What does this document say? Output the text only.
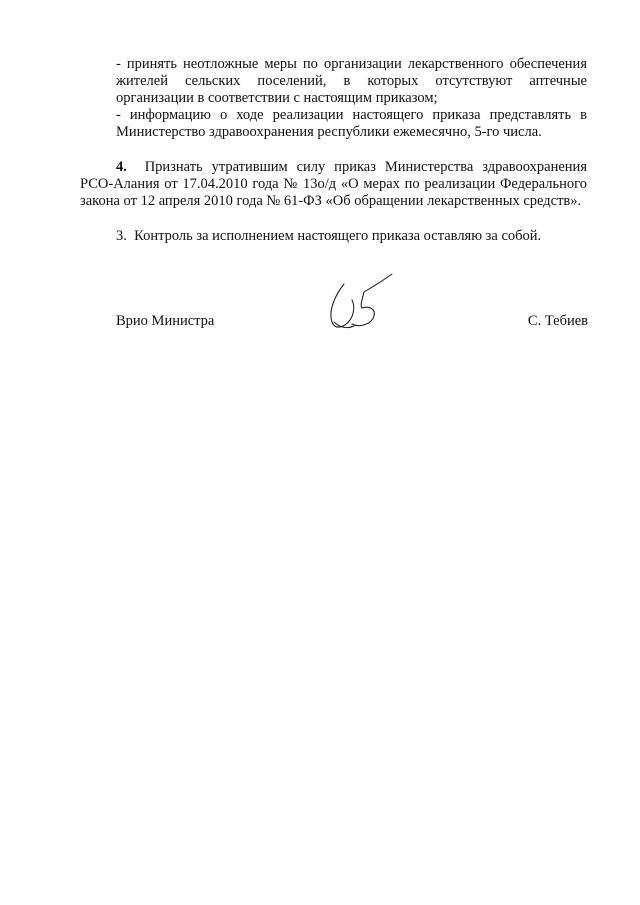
- принять неотложные меры по организации лекарственного обеспечения
жителей сельских поселений, в которых отсутствуют аптечные
организации в соответствии с настоящим приказом;
- информацию о ходе реализации настоящего приказа представлять в
Министерство здравоохранения республики ежемесячно, 5-го числа.
4. Признать утратившим силу приказ Министерства здравоохранения
РСО-Алания от 17.04.2010 года № 13о/д «О мерах по реализации Федерального
закона от 12 апреля 2010 года № 61-ФЗ «Об обращении лекарственных средств».
3. Контроль за исполнением настоящего приказа оставляю за собой.
Врио Министра	С. Тебиев
